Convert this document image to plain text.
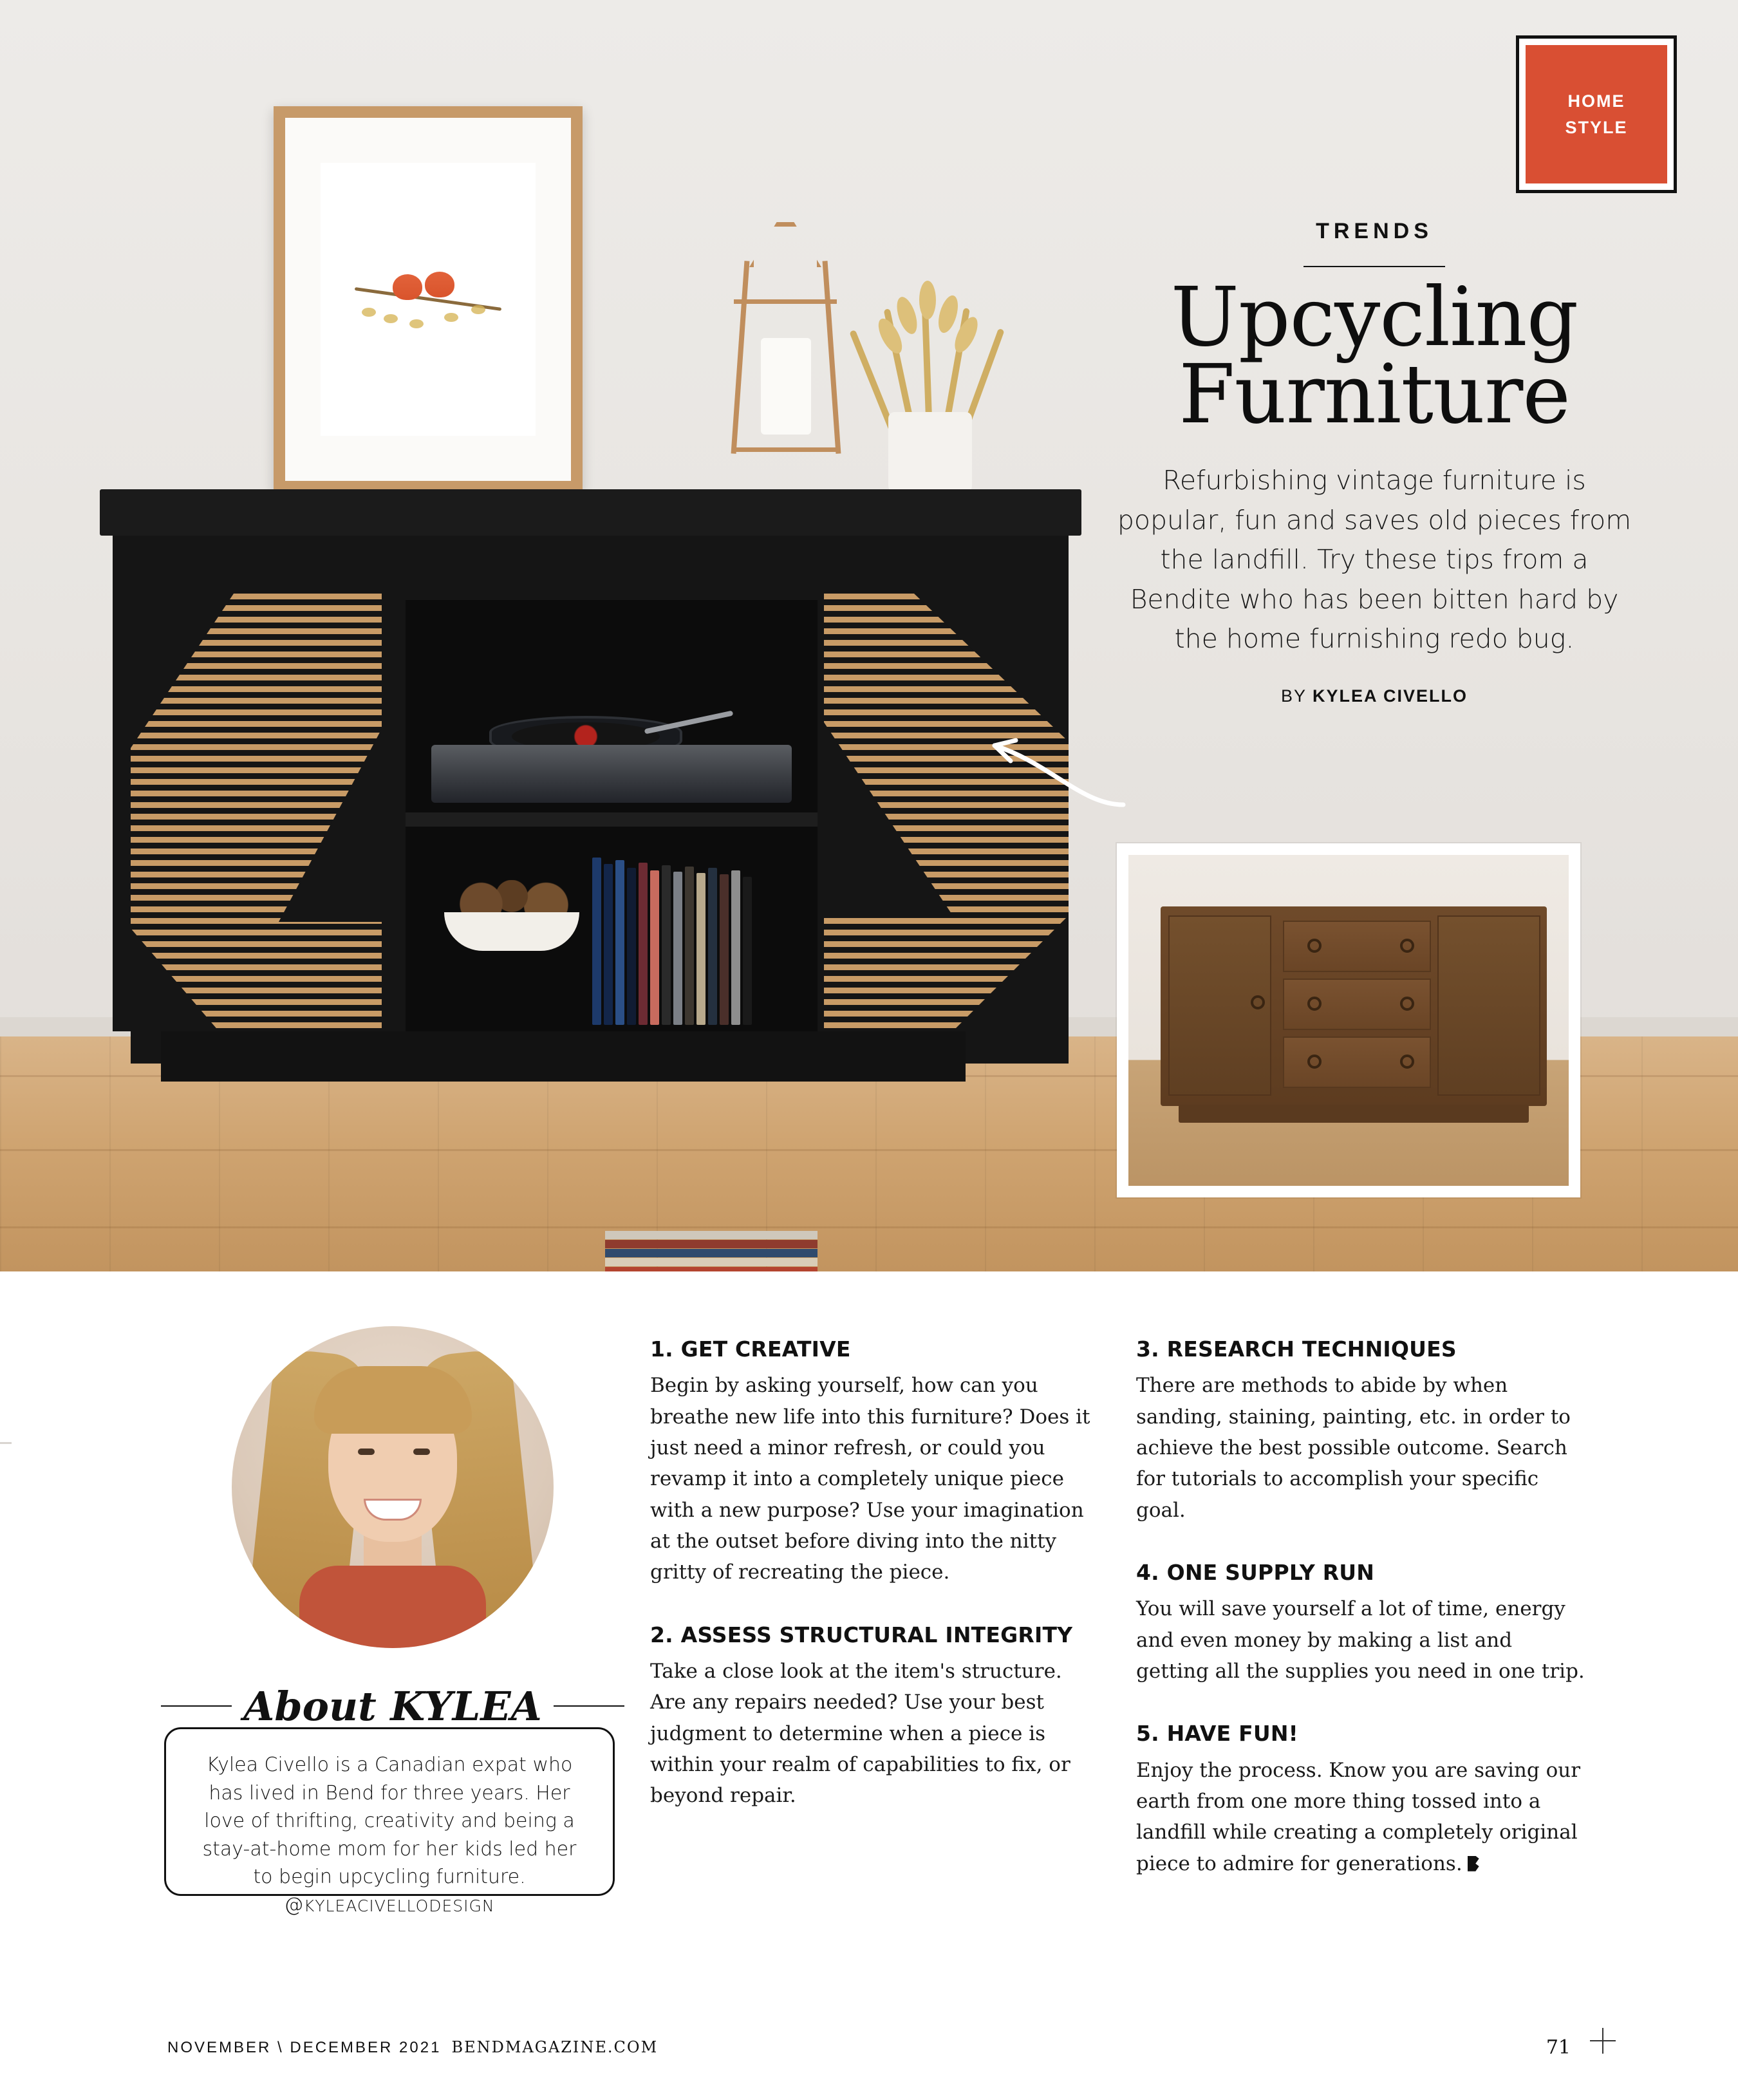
HOME
STYLE
TRENDS
Upcycling
Furniture
Refurbishing vintage furniture is popular, fun and saves old pieces from the landfill. Try these tips from a Bendite who has been bitten hard by the home furnishing redo bug.
BY KYLEA CIVELLO
About KYLEA
Kylea Civello is a Canadian expat who has lived in Bend for three years. Her love of thrifting, creativity and being a stay-at-home mom for her kids led her to begin upcycling furniture. @KYLEACIVELLODESIGN
1. GET CREATIVE

Begin by asking yourself, how can you breathe new life into this furniture? Does it just need a minor refresh, or could you revamp it into a completely unique piece with a new purpose? Use your imagination at the outset before diving into the nitty gritty of recreating the piece.

2. ASSESS STRUCTURAL INTEGRITY

Take a close look at the item's structure. Are any repairs needed? Use your best judgment to determine when a piece is within your realm of capabilities to fix, or beyond repair.

3. RESEARCH TECHNIQUES

There are methods to abide by when sanding, staining, painting, etc. in order to achieve the best possible outcome. Search for tutorials to accomplish your specific goal.

4. ONE SUPPLY RUN

You will save yourself a lot of time, energy and even money by making a list and getting all the supplies you need in one trip.

5. HAVE FUN!

Enjoy the process. Know you are saving our earth from one more thing tossed into a landfill while creating a completely original piece to admire for generations.

NOVEMBER \ DECEMBER 2021 BENDMAGAZINE.COM	71
